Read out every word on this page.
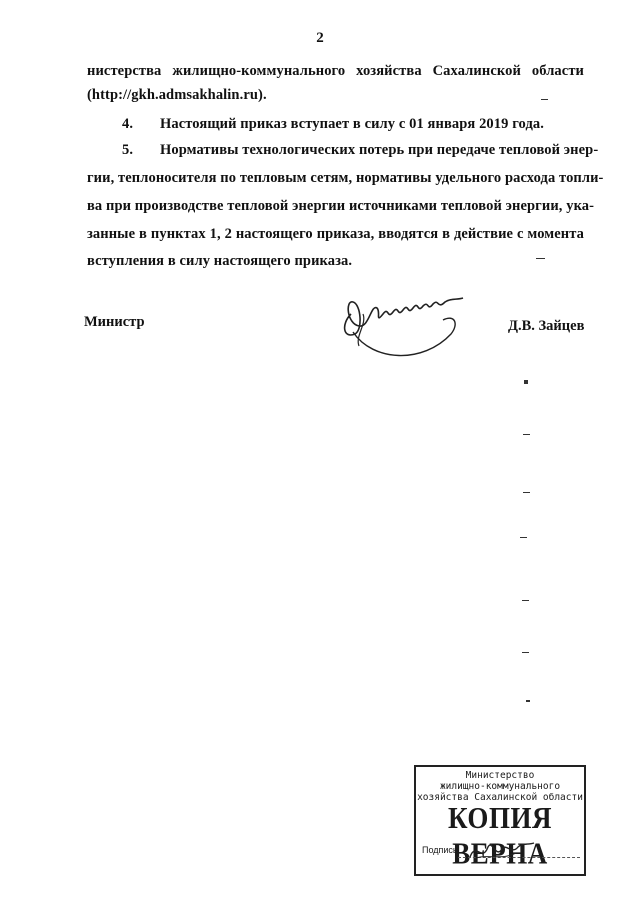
2
нистерства жилищно-коммунального хозяйства Сахалинской области
(http://gkh.admsakhalin.ru).
4. Настоящий приказ вступает в силу с 01 января 2019 года.
5. Нормативы технологических потерь при передаче тепловой энер-
гии, теплоносителя по тепловым сетям, нормативы удельного расхода топли-
ва при производстве тепловой энергии источниками тепловой энергии, ука-
занные в пунктах 1, 2 настоящего приказа, вводятся в действие с момента
вступления в силу настоящего приказа.
Министр	Д.В. Зайцев
Министерство
жилищно-коммунального
хозяйства Сахалинской области
КОПИЯ ВЕРНА
Подпись
